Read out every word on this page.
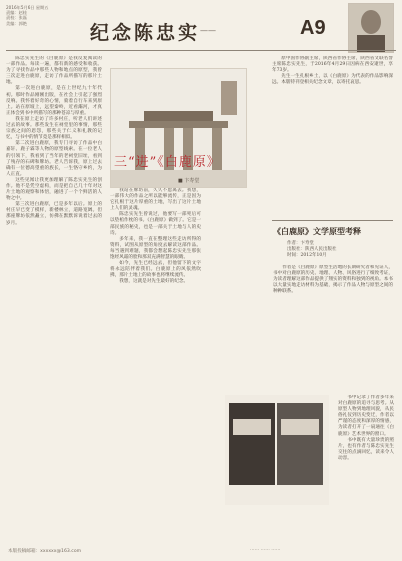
2016年5月6日 星期五
责编：赵桂
责校：张磊
美编：郭艳	纪念陈忠实 ——	A9

陈忠实先生的《白鹿原》是我反复阅读的一部作品。每读一遍，都有新的感受和收获。为了寻找作品中那些人物和地点的原型，我曾三次走进白鹿原，走访了作品所描写的那片土地。

第一次进白鹿原，是在上世纪九十年代初。那时作品刚刚出版，在社会上引起了强烈反响。我怀着好奇的心情，骑着自行车来到原上。站在原坡上，远望秦岭，近看灞河，才真正体会到书中所描写的那种苍凉与厚重。

我在原上走访了许多村庄，听老人们讲述过去的故事。那些发生在祠堂里的事情，那些宗族之间的恩怨，那些关于仁义和礼教的记忆，与书中的情节竟是那样相似。

第二次进白鹿原，我专门寻访了作品中白嘉轩、鹿子霖等人物的原型线索。在一位老人的引领下，我看到了当年的老祠堂旧址，看到了残存的石碑和牌坊。老人告诉我，原上过去确有一位德高望重的族长，一生恪守乡约，为人正直。

这些见闻让我更加理解了陈忠实先生的创作。他不是凭空虚构，而是把自己几十年对这片土地的观察和体悟，融进了一个个鲜活的人物之中。

第三次进白鹿原，已是多年以后。原上的村庄早已变了模样，新楼林立，道路宽阔。但那座牌坊依然矗立，仿佛在默默诉说着过去的岁月。

三“进”《白鹿原》
■ 卞寿堂

我站在牌坊前，久久不愿离去。我想，一部伟大的作品之所以能够流传，正是因为它扎根于这片厚重的土地，写出了这片土地上人们的灵魂。

陈忠实先生曾说过，他要写一部死后可以垫棺作枕的书。《白鹿原》做到了。它是一部民族的秘史，也是一部关于土地与人的史诗。

多年来，我一直在整理这些走访所得的资料，试图从原型的角度去解读这部作品。每当遇到难题，我都会想起陈忠实先生那张饱经风霜的脸和那双充满智慧的眼睛。

如今，先生已经远去，但他留下的文字将永远陪伴着我们。白鹿原上的风依然吹拂，那片土地上的故事也将继续流传。

我想，这就是对先生最好的纪念。

原中国作协副主席，陕西省作协主席，陕西省文联名誉主席陈忠实先生，于2016年4月29日因病在西安逝世，享年73岁。

先生一生扎根乡土，以《白鹿原》为代表的作品影响深远。本版特刊登相关纪念文章，以寄托哀思。

《白鹿原》文学原型考释
作者：卞寿堂
出版社：陕西人民出版社
时间：2012年10月

作者是《白鹿原》原型生活地的长期研究者和见证人，书中对白鹿原的历史、地理、人物、风俗进行了细致考证，为读者理解这部作品提供了翔实的资料和独到的视角。本书以大量实地走访材料为基础，揭示了作品人物与原型之间的种种联系。

书中记录了作者多年来对白鹿原的追寻与思考。从原型人物到地理风貌，从民俗礼仪到历史变迁，作者以严谨的态度和深厚的情感，为读者打开了一扇通往《白鹿原》艺术世界的窗口。

书中既有大量珍贵的照片，也有作者与陈忠实先生交往的点滴回忆，读来令人动容。

本版投稿邮箱：xxxxxx@163.com	…… …… ……
